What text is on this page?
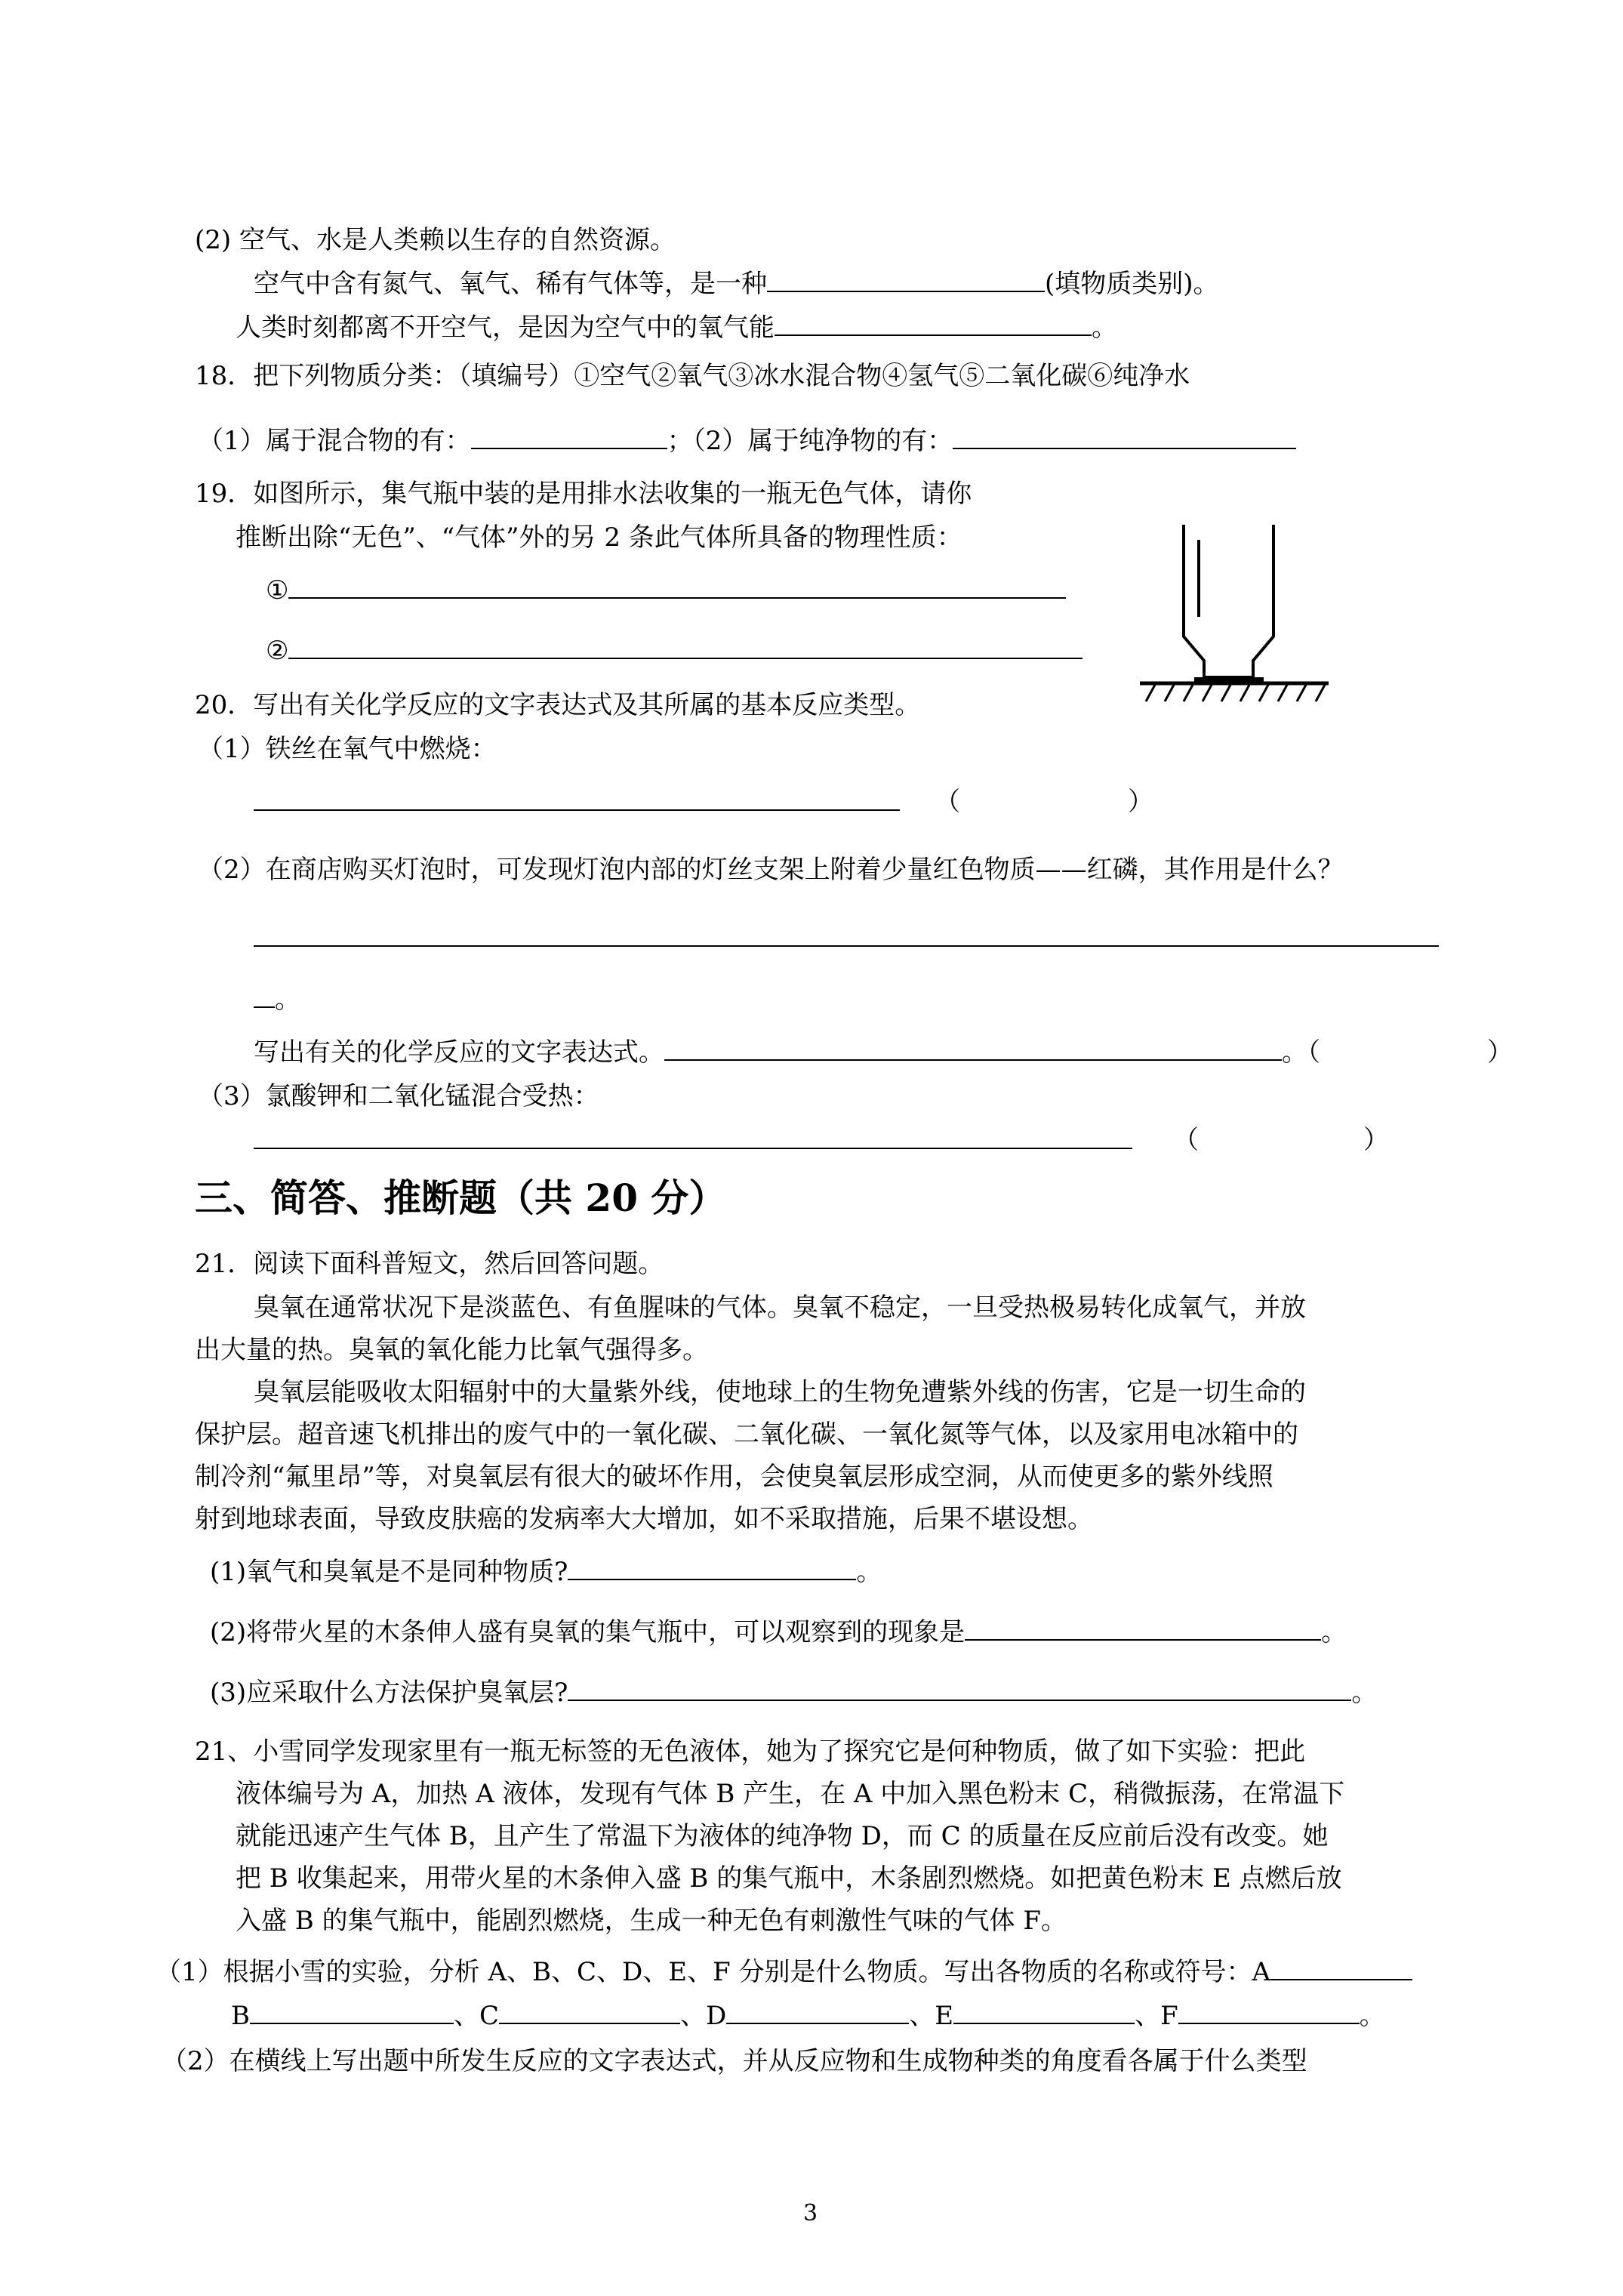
(2) 空气、水是人类赖以生存的自然资源。
空气中含有氮气、氧气、稀有气体等，是一种	(填物质类别)。
人类时刻都离不开空气，是因为空气中的氧气能	。
18．把下列物质分类：（填编号）①空气②氧气③冰水混合物④氢气⑤二氧化碳⑥纯净水
（1）属于混合物的有：	；（2）属于纯净物的有：
19．如图所示，集气瓶中装的是用排水法收集的一瓶无色气体，请你
推断出除“无色”、“气体”外的另 2 条此气体所具备的物理性质：
①
②
20．写出有关化学反应的文字表达式及其所属的基本反应类型。
（1）铁丝在氧气中燃烧：
（	）
（2）在商店购买灯泡时，可发现灯泡内部的灯丝支架上附着少量红色物质——红磷，其作用是什么？
。
写出有关的化学反应的文字表达式。	。（	）
（3）氯酸钾和二氧化锰混合受热：
（	）
三、简答、推断题（共 20 分）
21．阅读下面科普短文，然后回答问题。
臭氧在通常状况下是淡蓝色、有鱼腥味的气体。臭氧不稳定，一旦受热极易转化成氧气，并放
出大量的热。臭氧的氧化能力比氧气强得多。
臭氧层能吸收太阳辐射中的大量紫外线，使地球上的生物免遭紫外线的伤害，它是一切生命的
保护层。超音速飞机排出的废气中的一氧化碳、二氧化碳、一氧化氮等气体，以及家用电冰箱中的
制冷剂“氟里昂”等，对臭氧层有很大的破坏作用，会使臭氧层形成空洞，从而使更多的紫外线照
射到地球表面，导致皮肤癌的发病率大大增加，如不采取措施，后果不堪设想。
(1)氧气和臭氧是不是同种物质?	。
(2)将带火星的木条伸人盛有臭氧的集气瓶中，可以观察到的现象是	。
(3)应采取什么方法保护臭氧层?	。
21、小雪同学发现家里有一瓶无标签的无色液体，她为了探究它是何种物质，做了如下实验：把此
液体编号为 A，加热 A 液体，发现有气体 B 产生，在 A 中加入黑色粉末 C，稍微振荡，在常温下
就能迅速产生气体 B，且产生了常温下为液体的纯净物 D，而 C 的质量在反应前后没有改变。她
把 B 收集起来，用带火星的木条伸入盛 B 的集气瓶中，木条剧烈燃烧。如把黄色粉末 E 点燃后放
入盛 B 的集气瓶中，能剧烈燃烧，生成一种无色有刺激性气味的气体 F。
（1）根据小雪的实验，分析 A、B、C、D、E、F 分别是什么物质。写出各物质的名称或符号：A
B	、C	、D	、E	、F	。
（2）在横线上写出题中所发生反应的文字表达式，并从反应物和生成物种类的角度看各属于什么类型
3
